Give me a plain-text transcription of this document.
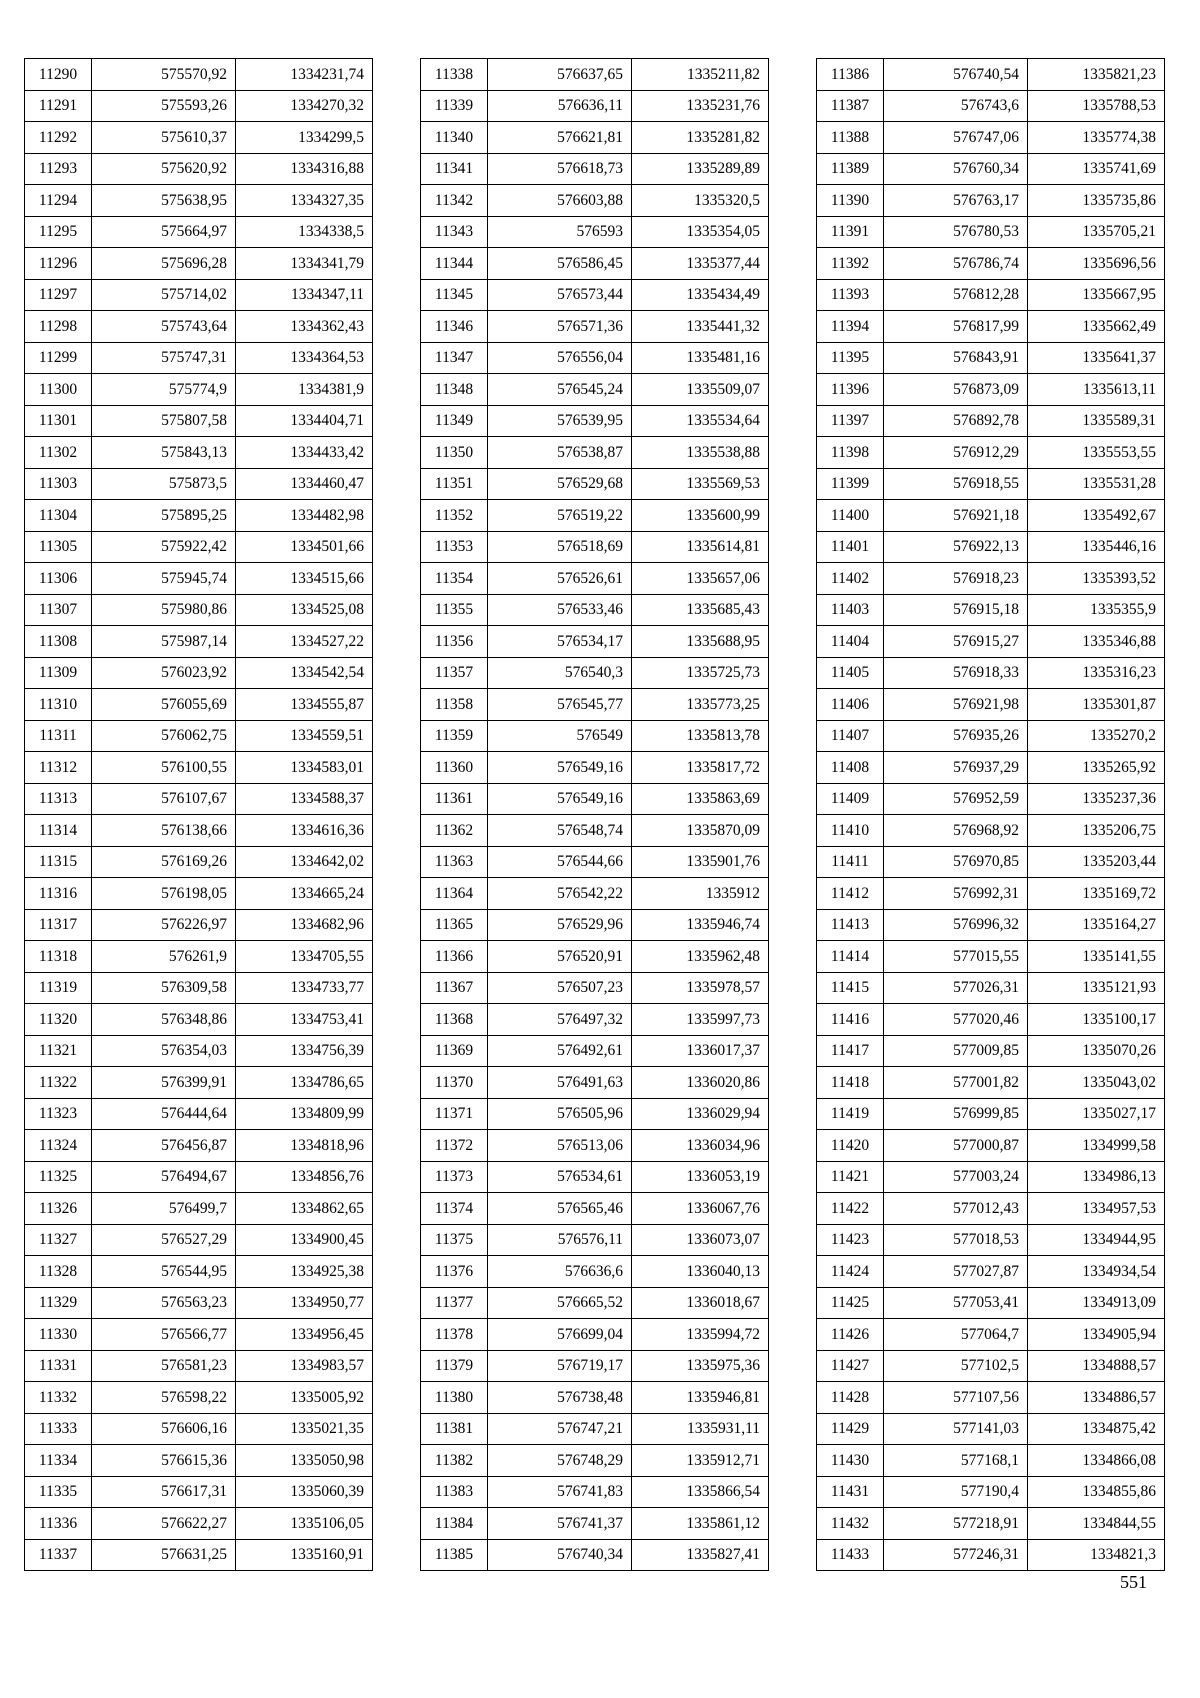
11290	575570,92	1334231,74
11291	575593,26	1334270,32
11292	575610,37	1334299,5
11293	575620,92	1334316,88
11294	575638,95	1334327,35
11295	575664,97	1334338,5
11296	575696,28	1334341,79
11297	575714,02	1334347,11
11298	575743,64	1334362,43
11299	575747,31	1334364,53
11300	575774,9	1334381,9
11301	575807,58	1334404,71
11302	575843,13	1334433,42
11303	575873,5	1334460,47
11304	575895,25	1334482,98
11305	575922,42	1334501,66
11306	575945,74	1334515,66
11307	575980,86	1334525,08
11308	575987,14	1334527,22
11309	576023,92	1334542,54
11310	576055,69	1334555,87
11311	576062,75	1334559,51
11312	576100,55	1334583,01
11313	576107,67	1334588,37
11314	576138,66	1334616,36
11315	576169,26	1334642,02
11316	576198,05	1334665,24
11317	576226,97	1334682,96
11318	576261,9	1334705,55
11319	576309,58	1334733,77
11320	576348,86	1334753,41
11321	576354,03	1334756,39
11322	576399,91	1334786,65
11323	576444,64	1334809,99
11324	576456,87	1334818,96
11325	576494,67	1334856,76
11326	576499,7	1334862,65
11327	576527,29	1334900,45
11328	576544,95	1334925,38
11329	576563,23	1334950,77
11330	576566,77	1334956,45
11331	576581,23	1334983,57
11332	576598,22	1335005,92
11333	576606,16	1335021,35
11334	576615,36	1335050,98
11335	576617,31	1335060,39
11336	576622,27	1335106,05
11337	576631,25	1335160,91
11338	576637,65	1335211,82
11339	576636,11	1335231,76
11340	576621,81	1335281,82
11341	576618,73	1335289,89
11342	576603,88	1335320,5
11343	576593	1335354,05
11344	576586,45	1335377,44
11345	576573,44	1335434,49
11346	576571,36	1335441,32
11347	576556,04	1335481,16
11348	576545,24	1335509,07
11349	576539,95	1335534,64
11350	576538,87	1335538,88
11351	576529,68	1335569,53
11352	576519,22	1335600,99
11353	576518,69	1335614,81
11354	576526,61	1335657,06
11355	576533,46	1335685,43
11356	576534,17	1335688,95
11357	576540,3	1335725,73
11358	576545,77	1335773,25
11359	576549	1335813,78
11360	576549,16	1335817,72
11361	576549,16	1335863,69
11362	576548,74	1335870,09
11363	576544,66	1335901,76
11364	576542,22	1335912
11365	576529,96	1335946,74
11366	576520,91	1335962,48
11367	576507,23	1335978,57
11368	576497,32	1335997,73
11369	576492,61	1336017,37
11370	576491,63	1336020,86
11371	576505,96	1336029,94
11372	576513,06	1336034,96
11373	576534,61	1336053,19
11374	576565,46	1336067,76
11375	576576,11	1336073,07
11376	576636,6	1336040,13
11377	576665,52	1336018,67
11378	576699,04	1335994,72
11379	576719,17	1335975,36
11380	576738,48	1335946,81
11381	576747,21	1335931,11
11382	576748,29	1335912,71
11383	576741,83	1335866,54
11384	576741,37	1335861,12
11385	576740,34	1335827,41
11386	576740,54	1335821,23
11387	576743,6	1335788,53
11388	576747,06	1335774,38
11389	576760,34	1335741,69
11390	576763,17	1335735,86
11391	576780,53	1335705,21
11392	576786,74	1335696,56
11393	576812,28	1335667,95
11394	576817,99	1335662,49
11395	576843,91	1335641,37
11396	576873,09	1335613,11
11397	576892,78	1335589,31
11398	576912,29	1335553,55
11399	576918,55	1335531,28
11400	576921,18	1335492,67
11401	576922,13	1335446,16
11402	576918,23	1335393,52
11403	576915,18	1335355,9
11404	576915,27	1335346,88
11405	576918,33	1335316,23
11406	576921,98	1335301,87
11407	576935,26	1335270,2
11408	576937,29	1335265,92
11409	576952,59	1335237,36
11410	576968,92	1335206,75
11411	576970,85	1335203,44
11412	576992,31	1335169,72
11413	576996,32	1335164,27
11414	577015,55	1335141,55
11415	577026,31	1335121,93
11416	577020,46	1335100,17
11417	577009,85	1335070,26
11418	577001,82	1335043,02
11419	576999,85	1335027,17
11420	577000,87	1334999,58
11421	577003,24	1334986,13
11422	577012,43	1334957,53
11423	577018,53	1334944,95
11424	577027,87	1334934,54
11425	577053,41	1334913,09
11426	577064,7	1334905,94
11427	577102,5	1334888,57
11428	577107,56	1334886,57
11429	577141,03	1334875,42
11430	577168,1	1334866,08
11431	577190,4	1334855,86
11432	577218,91	1334844,55
11433	577246,31	1334821,3
551
